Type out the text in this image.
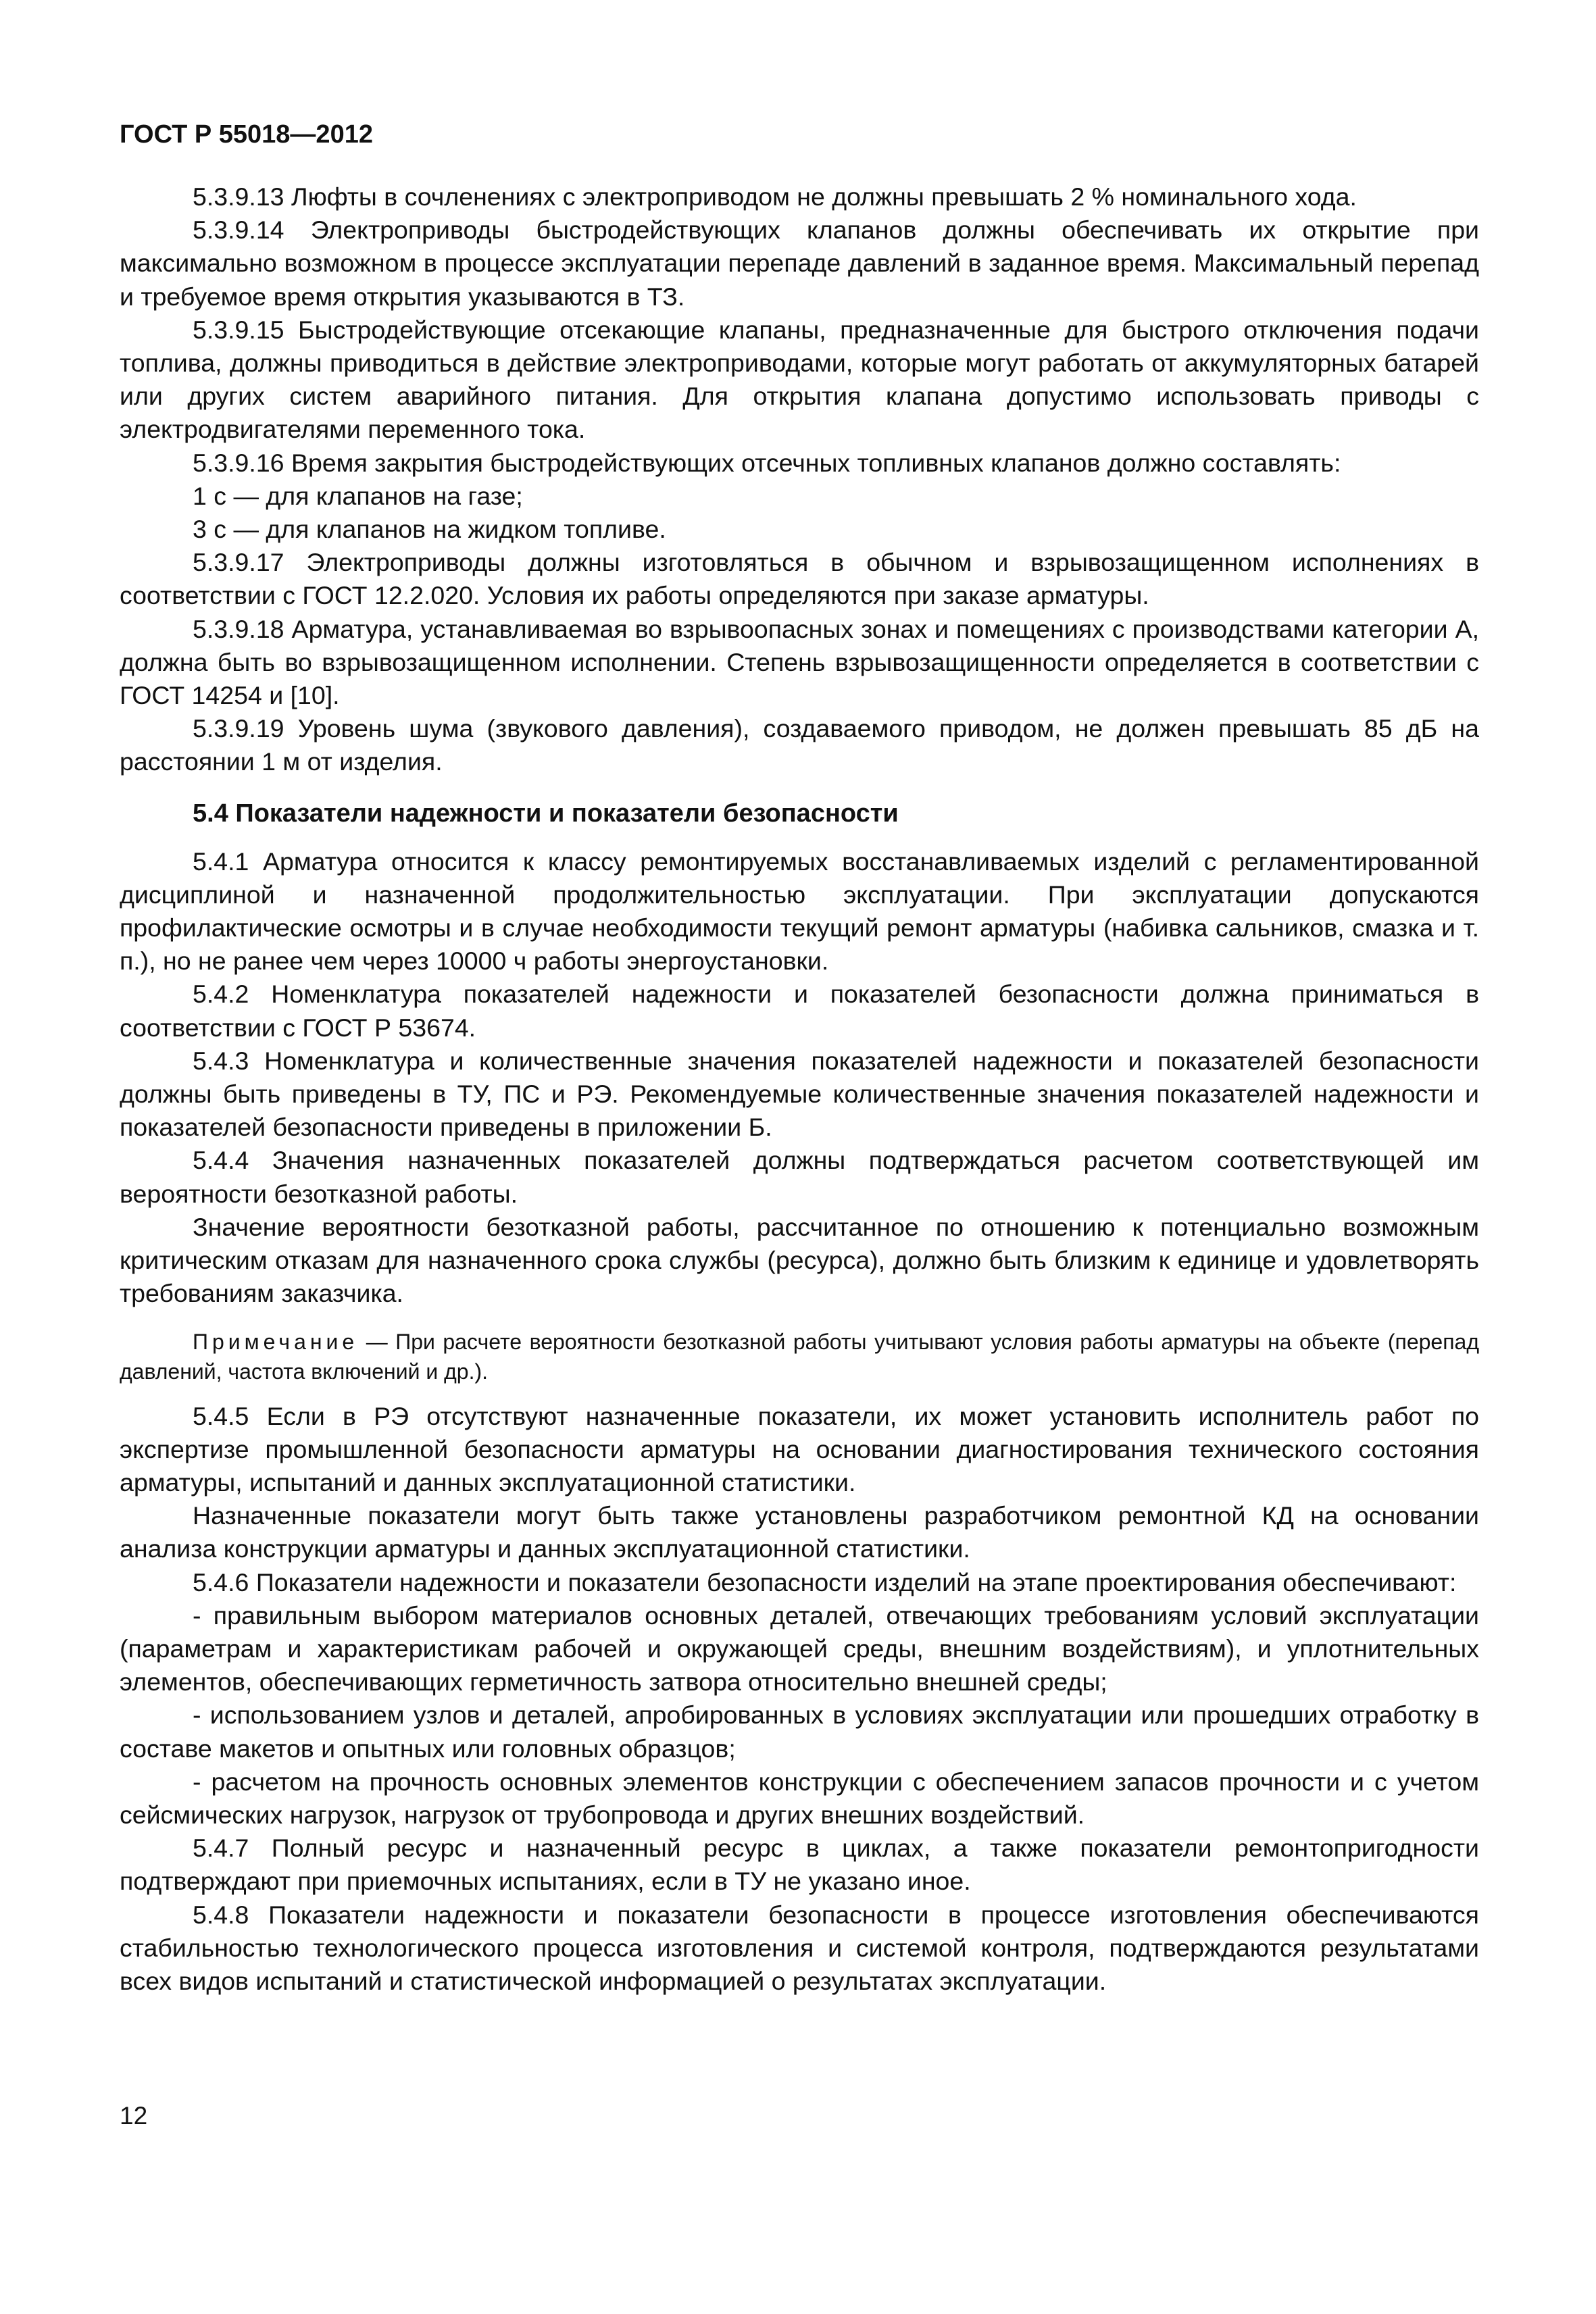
ГОСТ Р 55018—2012

5.3.9.13 Люфты в сочленениях с электроприводом не должны превышать 2 % номинального хода.

5.3.9.14 Электроприводы быстродействующих клапанов должны обеспечивать их открытие при максимально возможном в процессе эксплуатации перепаде давлений в заданное время. Максимальный перепад и требуемое время открытия указываются в ТЗ.

5.3.9.15 Быстродействующие отсекающие клапаны, предназначенные для быстрого отключения подачи топлива, должны приводиться в действие электроприводами, которые могут работать от аккумуляторных батарей или других систем аварийного питания. Для открытия клапана допустимо использовать приводы с электродвигателями переменного тока.

5.3.9.16 Время закрытия быстродействующих отсечных топливных клапанов должно составлять:

1 с — для клапанов на газе;

3 с — для клапанов на жидком топливе.

5.3.9.17 Электроприводы должны изготовляться в обычном и взрывозащищенном исполнениях в соответствии с ГОСТ 12.2.020. Условия их работы определяются при заказе арматуры.

5.3.9.18 Арматура, устанавливаемая во взрывоопасных зонах и помещениях с производствами категории А, должна быть во взрывозащищенном исполнении. Степень взрывозащищенности определяется в соответствии с ГОСТ 14254 и [10].

5.3.9.19 Уровень шума (звукового давления), создаваемого приводом, не должен превышать 85 дБ на расстоянии 1 м от изделия.

5.4 Показатели надежности и показатели безопасности

5.4.1 Арматура относится к классу ремонтируемых восстанавливаемых изделий с регламентированной дисциплиной и назначенной продолжительностью эксплуатации. При эксплуатации допускаются профилактические осмотры и в случае необходимости текущий ремонт арматуры (набивка сальников, смазка и т. п.), но не ранее чем через 10000 ч работы энергоустановки.

5.4.2 Номенклатура показателей надежности и показателей безопасности должна приниматься в соответствии с ГОСТ Р 53674.

5.4.3 Номенклатура и количественные значения показателей надежности и показателей безопасности должны быть приведены в ТУ, ПС и РЭ. Рекомендуемые количественные значения показателей надежности и показателей безопасности приведены в приложении Б.

5.4.4 Значения назначенных показателей должны подтверждаться расчетом соответствующей им вероятности безотказной работы.

Значение вероятности безотказной работы, рассчитанное по отношению к потенциально возможным критическим отказам для назначенного срока службы (ресурса), должно быть близким к единице и удовлетворять требованиям заказчика.

Примечание — При расчете вероятности безотказной работы учитывают условия работы арматуры на объекте (перепад давлений, частота включений и др.).

5.4.5 Если в РЭ отсутствуют назначенные показатели, их может установить исполнитель работ по экспертизе промышленной безопасности арматуры на основании диагностирования технического состояния арматуры, испытаний и данных эксплуатационной статистики.

Назначенные показатели могут быть также установлены разработчиком ремонтной КД на основании анализа конструкции арматуры и данных эксплуатационной статистики.

5.4.6 Показатели надежности и показатели безопасности изделий на этапе проектирования обеспечивают:

- правильным выбором материалов основных деталей, отвечающих требованиям условий эксплуатации (параметрам и характеристикам рабочей и окружающей среды, внешним воздействиям), и уплотнительных элементов, обеспечивающих герметичность затвора относительно внешней среды;

- использованием узлов и деталей, апробированных в условиях эксплуатации или прошедших отработку в составе макетов и опытных или головных образцов;

- расчетом на прочность основных элементов конструкции с обеспечением запасов прочности и с учетом сейсмических нагрузок, нагрузок от трубопровода и других внешних воздействий.

5.4.7 Полный ресурс и назначенный ресурс в циклах, а также показатели ремонтопригодности подтверждают при приемочных испытаниях, если в ТУ не указано иное.

5.4.8 Показатели надежности и показатели безопасности в процессе изготовления обеспечиваются стабильностью технологического процесса изготовления и системой контроля, подтверждаются результатами всех видов испытаний и статистической информацией о результатах эксплуатации.

12
